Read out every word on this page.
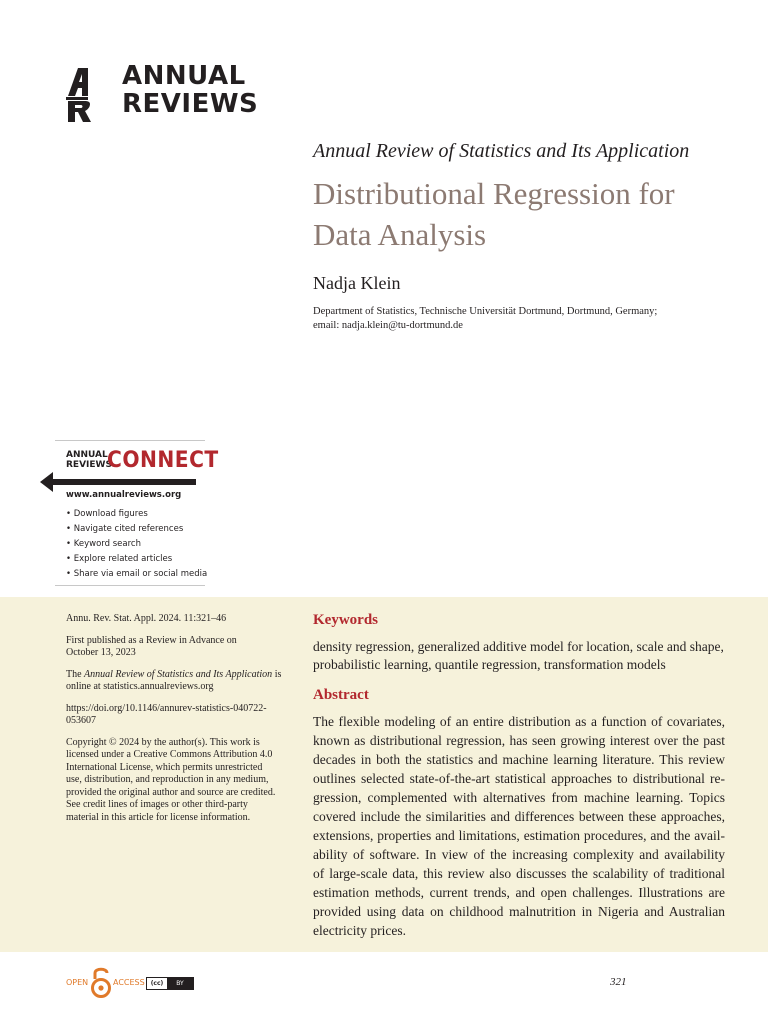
ANNUAL
REVIEWS
Annual Review of Statistics and Its Application
Distributional Regression for
Data Analysis
Nadja Klein
Department of Statistics, Technische Universität Dortmund, Dortmund, Germany;
email: nadja.klein@tu-dortmund.de
ANNUAL
REVIEWS
CONNECT
www.annualreviews.org
• Download figures
• Navigate cited references
• Keyword search
• Explore related articles
• Share via email or social media

Annu. Rev. Stat. Appl. 2024. 11:321–46

First published as a Review in Advance on
October 13, 2023

The Annual Review of Statistics and Its Application is
online at statistics.annualreviews.org

https://doi.org/10.1146/annurev-statistics-040722-
053607

Copyright © 2024 by the author(s). This work is
licensed under a Creative Commons Attribution 4.0
International License, which permits unrestricted
use, distribution, and reproduction in any medium,
provided the original author and source are credited.
See credit lines of images or other third-party
material in this article for license information.

Keywords
density regression, generalized additive model for location, scale and shape,
probabilistic learning, quantile regression, transformation models
Abstract
The flexible modeling of an entire distribution as a function of covariates,
known as distributional regression, has seen growing interest over the past
decades in both the statistics and machine learning literature. This review
outlines selected state-of-the-art statistical approaches to distributional re-
gression, complemented with alternatives from machine learning. Topics
covered include the similarities and differences between these approaches,
extensions, properties and limitations, estimation procedures, and the avail-
ability of software. In view of the increasing complexity and availability
of large-scale data, this review also discusses the scalability of traditional
estimation methods, current trends, and open challenges. Illustrations are
provided using data on childhood malnutrition in Nigeria and Australian
electricity prices.
OPEN	ACCESS (cc)	BY	321
